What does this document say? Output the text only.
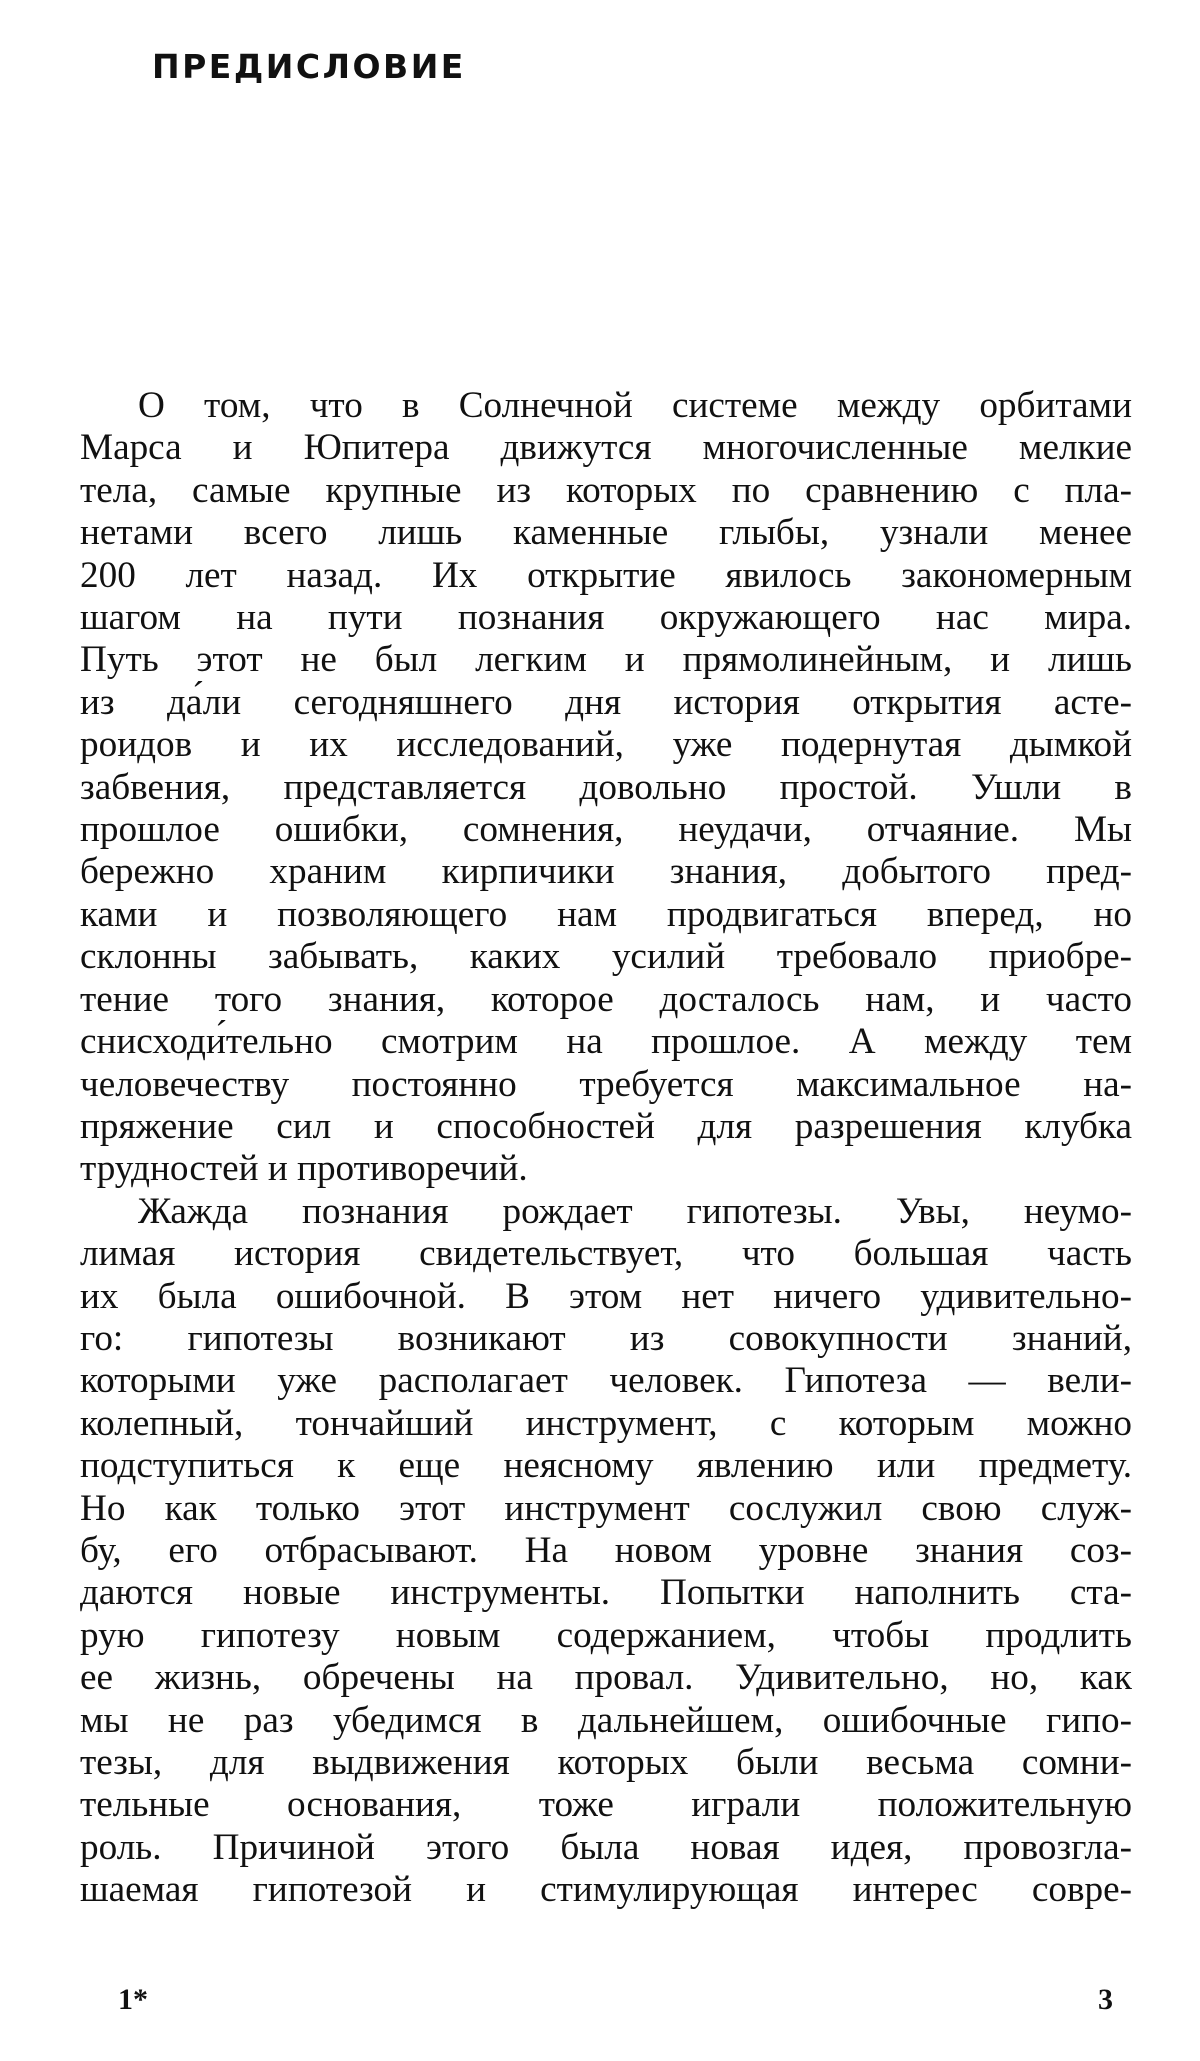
ПРЕДИСЛОВИЕ
О том, что в Солнечной системе между орбитами
Марса и Юпитера движутся многочисленные мелкие
тела, самые крупные из которых по сравнению с пла-
нетами всего лишь каменные глыбы, узнали менее
200 лет назад. Их открытие явилось закономерным
шагом на пути познания окружающего нас мира.
Путь этот не был легким и прямолинейным, и лишь
из да́ли сегодняшнего дня история открытия асте-
роидов и их исследований, уже подернутая дымкой
забвения, представляется довольно простой. Ушли в
прошлое ошибки, сомнения, неудачи, отчаяние. Мы
бережно храним кирпичики знания, добытого пред-
ками и позволяющего нам продвигаться вперед, но
склонны забывать, каких усилий требовало приобре-
тение того знания, которое досталось нам, и часто
снисходи́тельно смотрим на прошлое. А между тем
человечеству постоянно требуется максимальное на-
пряжение сил и способностей для разрешения клубка
трудностей и противоречий.
Жажда познания рождает гипотезы. Увы, неумо-
лимая история свидетельствует, что большая часть
их была ошибочной. В этом нет ничего удивительно-
го: гипотезы возникают из совокупности знаний,
которыми уже располагает человек. Гипотеза — вели-
колепный, тончайший инструмент, с которым можно
подступиться к еще неясному явлению или предмету.
Но как только этот инструмент сослужил свою служ-
бу, его отбрасывают. На новом уровне знания соз-
даются новые инструменты. Попытки наполнить ста-
рую гипотезу новым содержанием, чтобы продлить
ее жизнь, обречены на провал. Удивительно, но, как
мы не раз убедимся в дальнейшем, ошибочные гипо-
тезы, для выдвижения которых были весьма сомни-
тельные основания, тоже играли положительную
роль. Причиной этого была новая идея, провозгла-
шаемая гипотезой и стимулирующая интерес совре-
1*	3
